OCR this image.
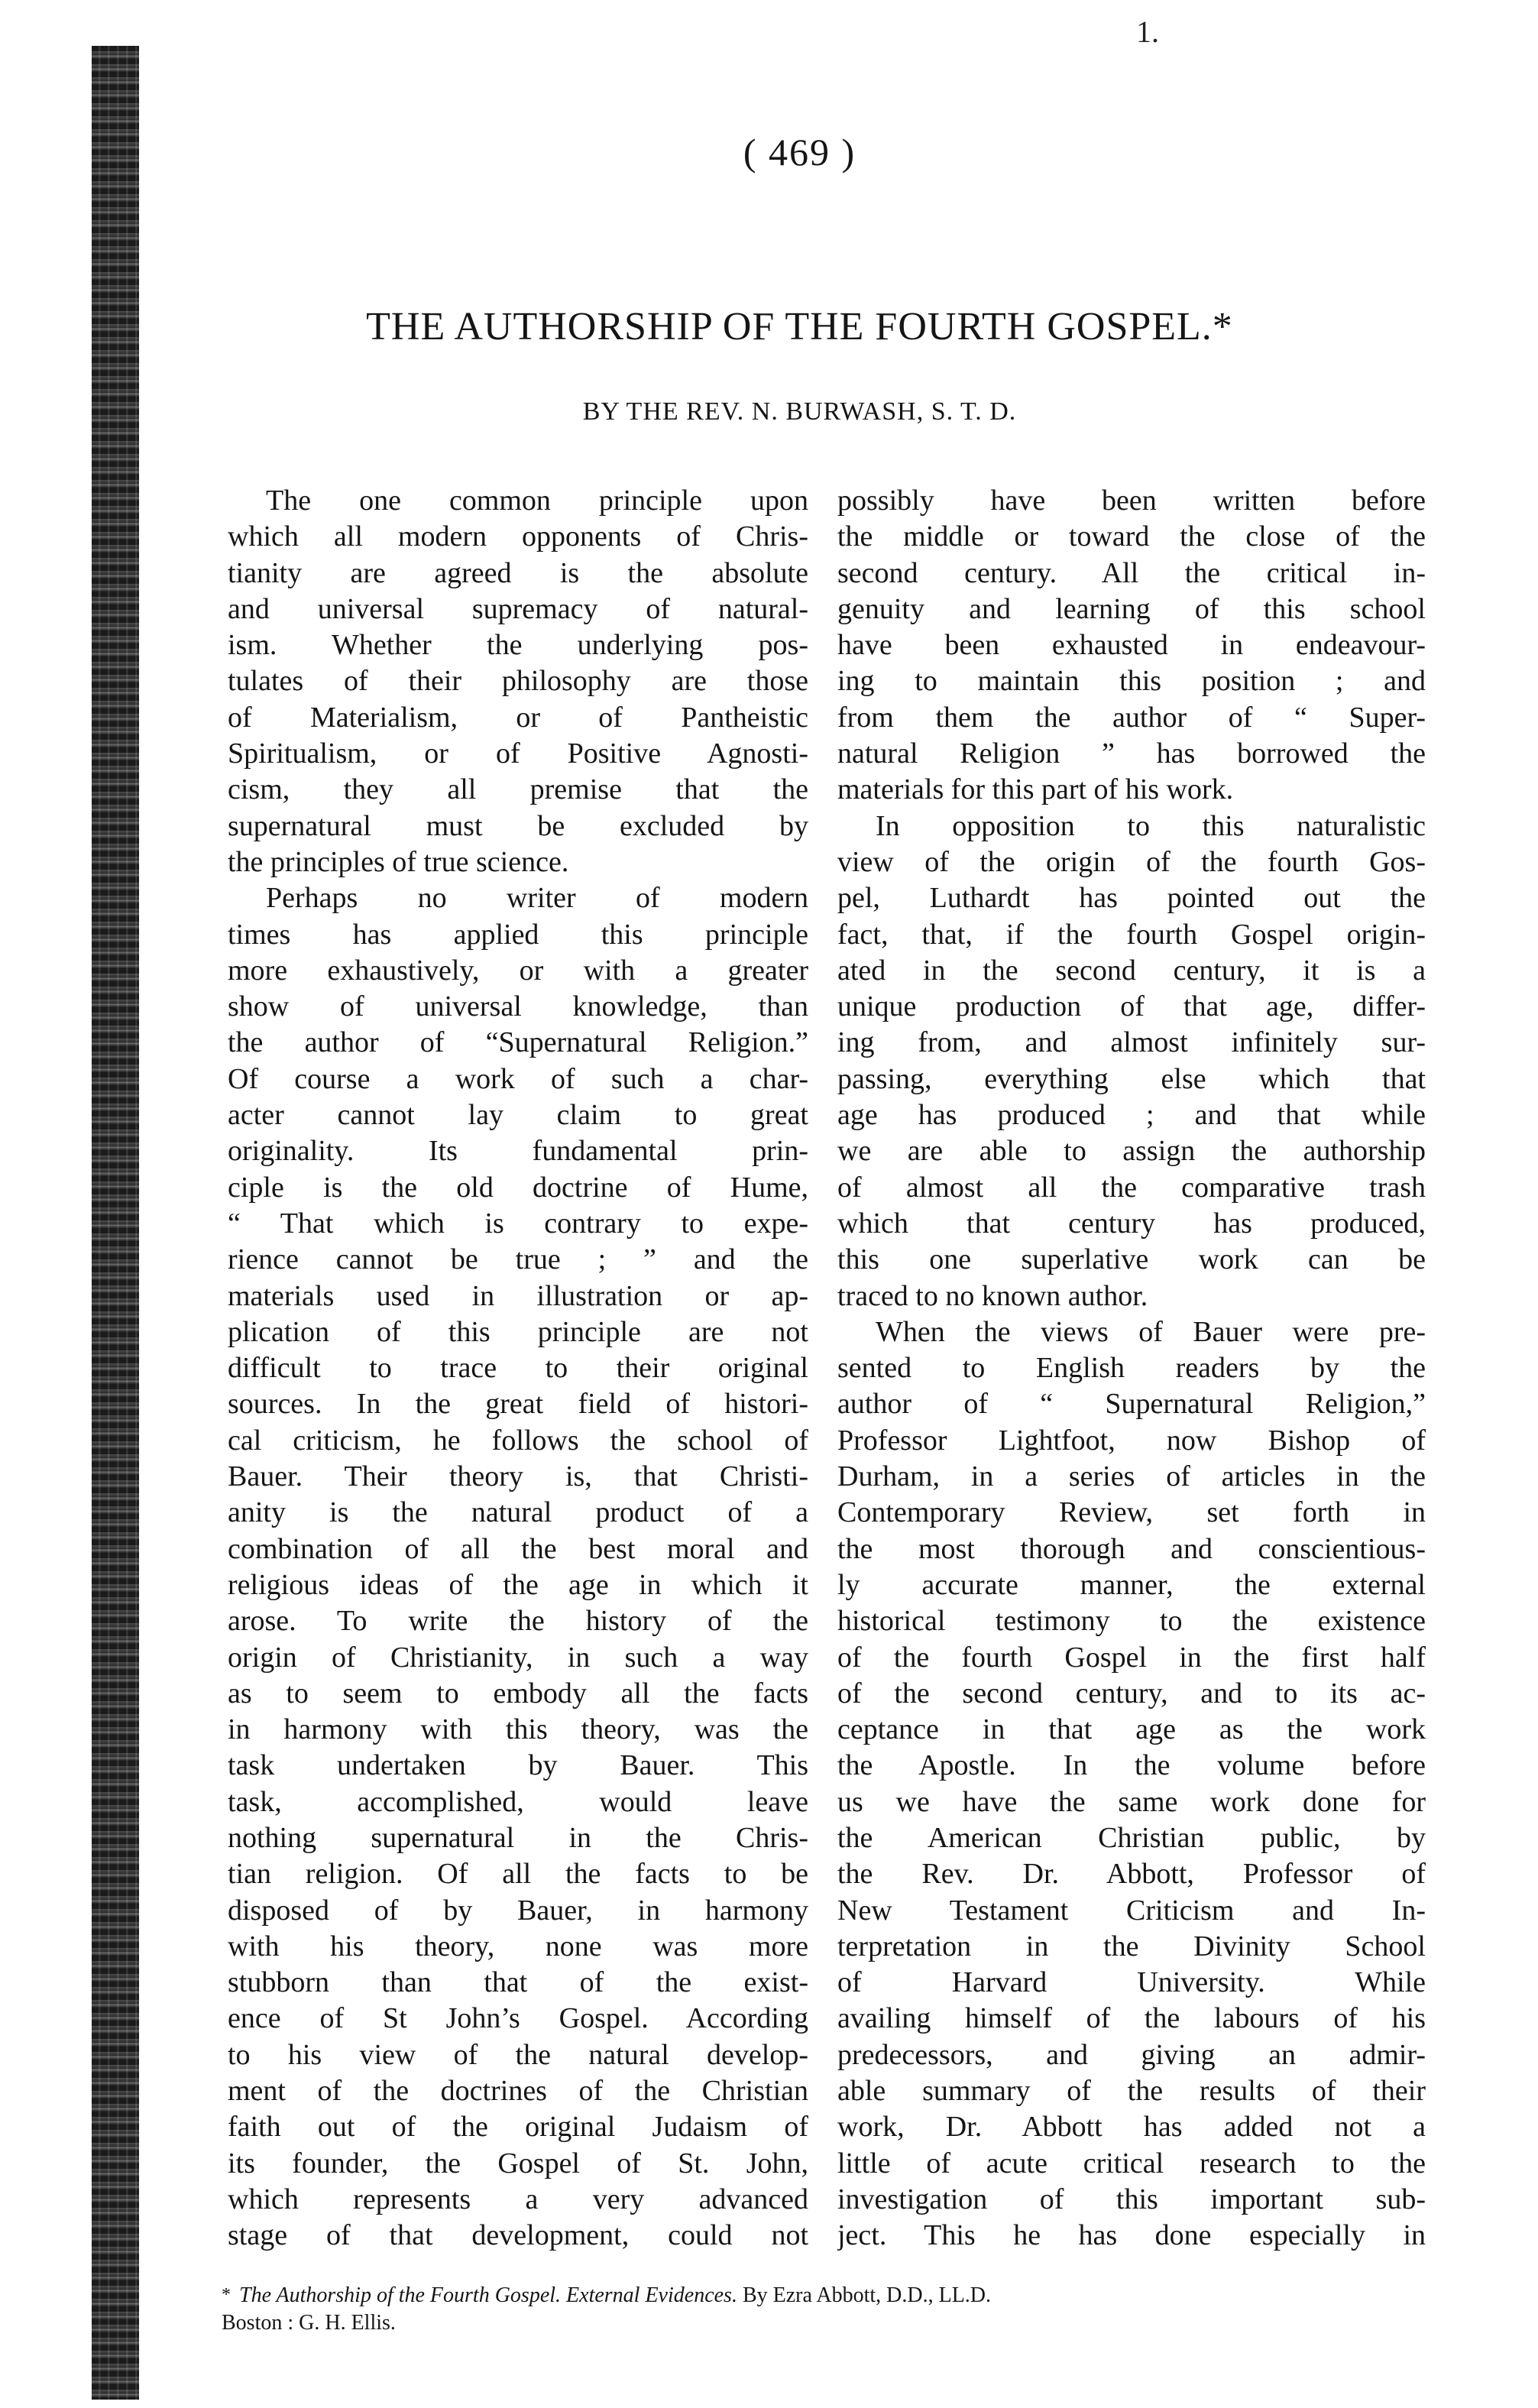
1.
( 469 )
THE AUTHORSHIP OF THE FOURTH GOSPEL.*
BY THE REV. N. BURWASH, S. T. D.
The one common principle upon
which all modern opponents of Chris-
tianity are agreed is the absolute
and universal supremacy of natural-
ism. Whether the underlying pos-
tulates of their philosophy are those
of Materialism, or of Pantheistic
Spiritualism, or of Positive Agnosti-
cism, they all premise that the
supernatural must be excluded by
the principles of true science.
Perhaps no writer of modern
times has applied this principle
more exhaustively, or with a greater
show of universal knowledge, than
the author of “Supernatural Religion.”
Of course a work of such a char-
acter cannot lay claim to great
originality. Its fundamental prin-
ciple is the old doctrine of Hume,
“ That which is contrary to expe-
rience cannot be true ; ” and the
materials used in illustration or ap-
plication of this principle are not
difficult to trace to their original
sources. In the great field of histori-
cal criticism, he follows the school of
Bauer. Their theory is, that Christi-
anity is the natural product of a
combination of all the best moral and
religious ideas of the age in which it
arose. To write the history of the
origin of Christianity, in such a way
as to seem to embody all the facts
in harmony with this theory, was the
task undertaken by Bauer. This
task, accomplished, would leave
nothing supernatural in the Chris-
tian religion. Of all the facts to be
disposed of by Bauer, in harmony
with his theory, none was more
stubborn than that of the exist-
ence of St John’s Gospel. According
to his view of the natural develop-
ment of the doctrines of the Christian
faith out of the original Judaism of
its founder, the Gospel of St. John,
which represents a very advanced
stage of that development, could not
possibly have been written before
the middle or toward the close of the
second century. All the critical in-
genuity and learning of this school
have been exhausted in endeavour-
ing to maintain this position ; and
from them the author of “ Super-
natural Religion ” has borrowed the
materials for this part of his work.
In opposition to this naturalistic
view of the origin of the fourth Gos-
pel, Luthardt has pointed out the
fact, that, if the fourth Gospel origin-
ated in the second century, it is a
unique production of that age, differ-
ing from, and almost infinitely sur-
passing, everything else which that
age has produced ; and that while
we are able to assign the authorship
of almost all the comparative trash
which that century has produced,
this one superlative work can be
traced to no known author.
When the views of Bauer were pre-
sented to English readers by the
author of “ Supernatural Religion,”
Professor Lightfoot, now Bishop of
Durham, in a series of articles in the
Contemporary Review, set forth in
the most thorough and conscientious-
ly accurate manner, the external
historical testimony to the existence
of the fourth Gospel in the first half
of the second century, and to its ac-
ceptance in that age as the work
the Apostle. In the volume before
us we have the same work done for
the American Christian public, by
the Rev. Dr. Abbott, Professor of
New Testament Criticism and In-
terpretation in the Divinity School
of Harvard University. While
availing himself of the labours of his
predecessors, and giving an admir-
able summary of the results of their
work, Dr. Abbott has added not a
little of acute critical research to the
investigation of this important sub-
ject. This he has done especially in
* The Authorship of the Fourth Gospel. External Evidences. By Ezra Abbott, D.D., LL.D.
Boston : G. H. Ellis.
